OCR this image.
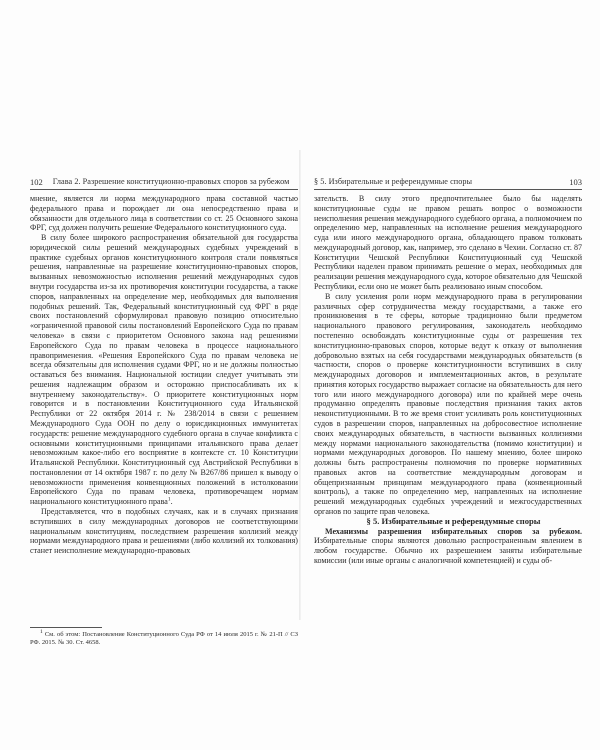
102 Глава 2. Разрешение конституционно-правовых споров за рубежом

мнение, является ли норма международного права составной частью федерального права и порождает ли она непосредственно права и обязанности для отдельного лица в соответствии со ст. 25 Основного закона ФРГ, суд должен получить решение Федерального конституционного суда.

В силу более широкого распространения обязательной для государства юридической силы решений международных судебных учреждений в практике судебных органов конституционного контроля стали появляться решения, направленные на разрешение конституционно-правовых споров, вызванных невозможностью исполнения решений международных судов внутри государства из-за их противоречия конституции государства, а также споров, направленных на определение мер, необходимых для выполнения подобных решений. Так, Федеральный конституционный суд ФРГ в ряде своих постановлений сформулировал правовую позицию относительно «ограниченной правовой силы постановлений Европейского Суда по правам человека» в связи с приоритетом Основного закона над решениями Европейского Суда по правам человека в процессе национального правоприменения. «Решения Европейского Суда по правам человека не всегда обязательны для исполнения судами ФРГ, но и не должны полностью оставаться без внимания. Национальной юстиции следует учитывать эти решения надлежащим образом и осторожно приспосабливать их к внутреннему законодательству». О приоритете конституционных норм говорится и в постановлении Конституционного суда Итальянской Республики от 22 октября 2014 г. № 238/2014 в связи с решением Международного Суда ООН по делу о юрисдикционных иммунитетах государств: решение международного судебного органа в случае конфликта с основными конституционными принципами итальянского права делает невозможным какое-либо его восприятие в контексте ст. 10 Конституции Итальянской Республики. Конституционный суд Австрийской Республики в постановлении от 14 октября 1987 г. по делу № B267/86 пришел к выводу о невозможности применения конвенционных положений в истолковании Европейского Суда по правам человека, противоречащем нормам национального конституционного права$^1$.

Представляется, что в подобных случаях, как и в случаях признания вступивших в силу международных договоров не соответствующими национальным конституциям, последствием разрешения коллизий между нормами международного права и решениями (либо коллизий их толкования) станет неисполнение международно-правовых

$^1$ См. об этом: Постановление Конституционного Суда РФ от 14 июля 2015 г. № 21-П // СЗ РФ. 2015. № 30. Ст. 4658.

§ 5. Избирательные и референдумные споры	103

зательств. В силу этого предпочтительнее было бы наделять конституционные суды не правом решать вопрос о возможности неисполнения решения международного судебного органа, а полномочием по определению мер, направленных на исполнение решения международного суда или иного международного органа, обладающего правом толковать международный договор, как, например, это сделано в Чехии. Согласно ст. 87 Конституции Чешской Республики Конституционный суд Чешской Республики наделен правом принимать решение о мерах, необходимых для реализации решения международного суда, которое обязательно для Чешской Республики, если оно не может быть реализовано иным способом.

В силу усиления роли норм международного права в регулировании различных сфер сотрудничества между государствами, а также его проникновения в те сферы, которые традиционно были предметом национального правового регулирования, законодатель необходимо постепенно освобождать конституционные суды от разрешения тех конституционно-правовых споров, которые ведут к отказу от выполнения добровольно взятых на себя государствами международных обязательств (в частности, споров о проверке конституционности вступивших в силу международных договоров и имплементационных актов, в результате принятия которых государство выражает согласие на обязательность для него того или иного международного договора) или по крайней мере очень продуманно определять правовые последствия признания таких актов неконституционными. В то же время стоит усиливать роль конституционных судов в разрешении споров, направленных на добросовестное исполнение своих международных обязательств, в частности вызванных коллизиями между нормами национального законодательства (помимо конституции) и нормами международных договоров. По нашему мнению, более широко должны быть распространены полномочия по проверке нормативных правовых актов на соответствие международным договорам и общепризнанным принципам международного права (конвенционный контроль), а также по определению мер, направленных на исполнение решений международных судебных учреждений и межгосударственных органов по защите прав человека.

§ 5. Избирательные и референдумные споры

Механизмы разрешения избирательных споров за рубежом. Избирательные споры являются довольно распространенным явлением в любом государстве. Обычно их разрешением заняты избирательные комиссии (или иные органы с аналогичной компетенцией) и суды об-
